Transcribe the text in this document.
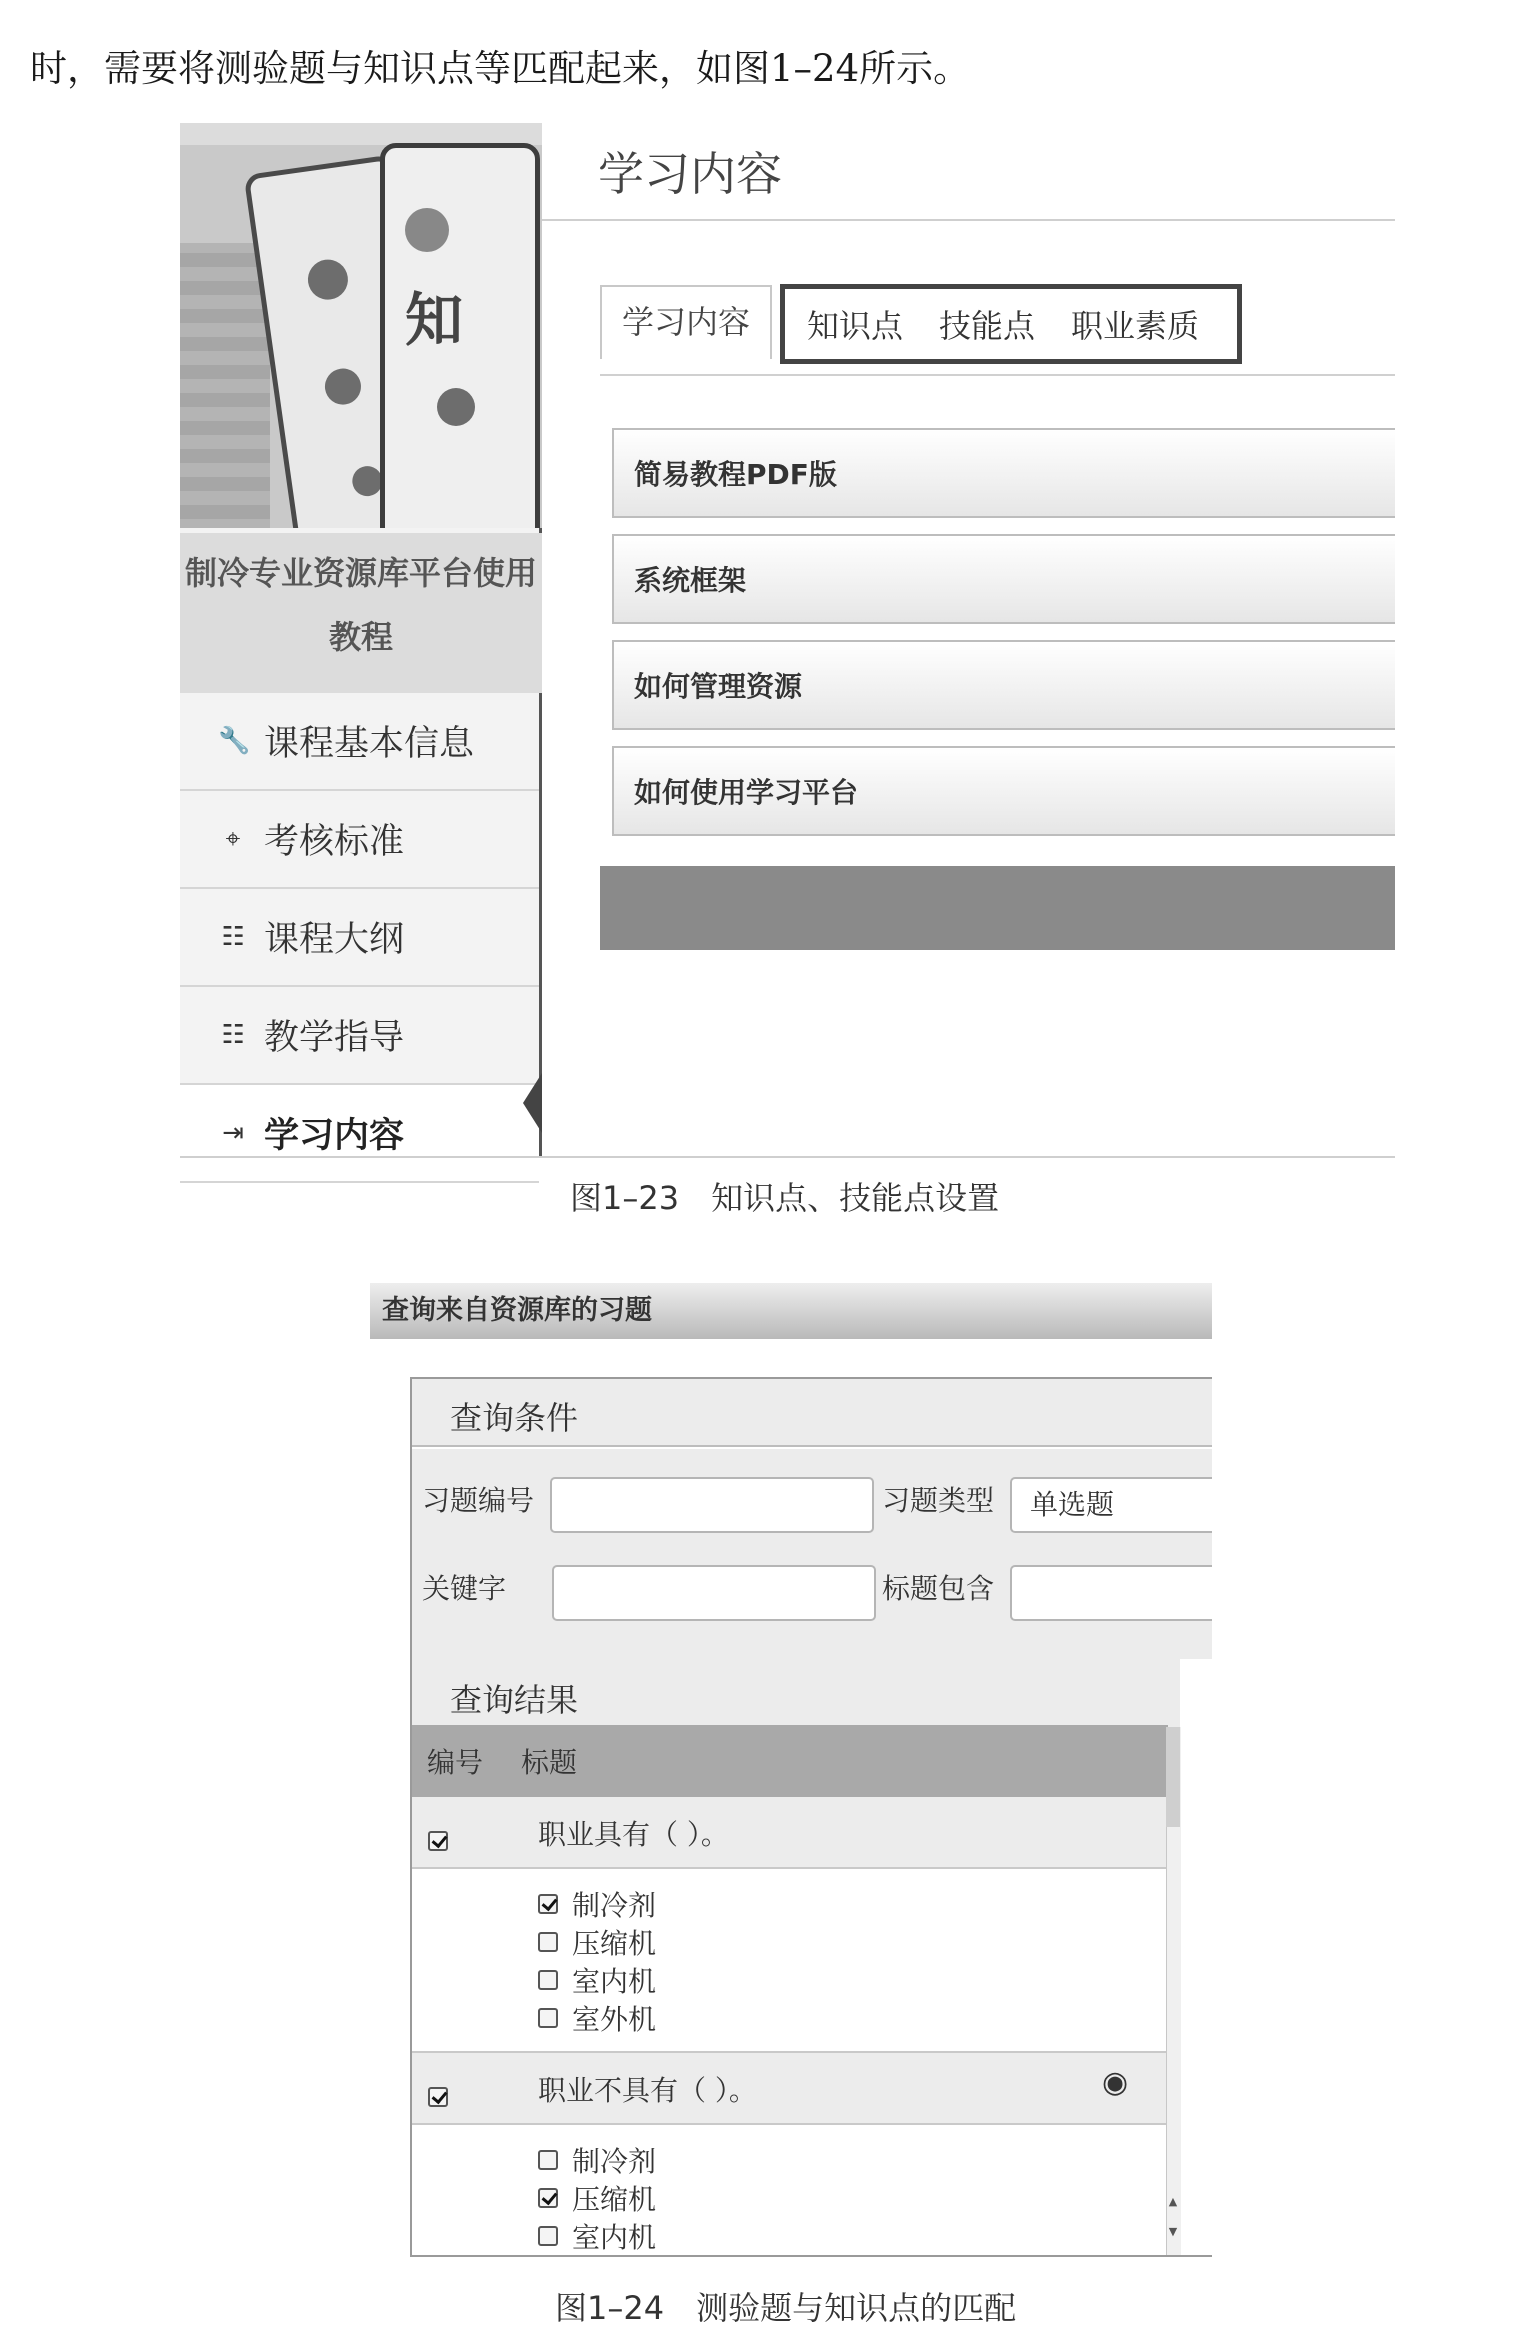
时，需要将测验题与知识点等匹配起来，如图1–24所示。
知
制冷专业资源库平台使用
教程
🔧 课程基本信息
⌖ 考核标准
☷ 课程大纲
☷ 教学指导
⇥ 学习内容
学习内容
学习内容	知识点 技能点 职业素质
简易教程PDF版
系统框架
如何管理资源
如何使用学习平台
图1–23　知识点、技能点设置
查询来自资源库的习题
查询条件
习题编号	习题类型	单选题
关键字	标题包含
查询结果
编号	标题
职业具有（ ）。
制冷剂
压缩机
室内机
室外机
职业不具有（ ）。	◉
制冷剂
压缩机
室内机
▲
▼
图1–24　测验题与知识点的匹配
